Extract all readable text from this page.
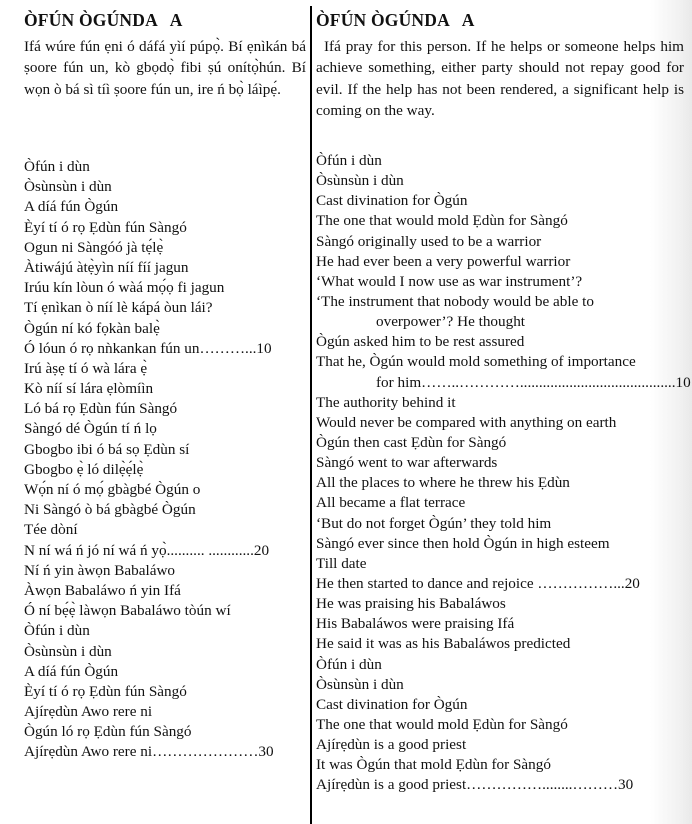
ÒFÚN ÒGÚNDA   A
Ifá wúre fún ẹni ó dáfá yìí púpọ̀. Bí ẹnìkán bá ṣoore fún un, kò gbọdọ̀ fibi ṣú onítọ̀hún. Bí wọn ò bá sì tíì ṣoore fún un, ire ń bọ̀ láìpẹ́.
Òfún i dùn
Òsùnsùn i dùn
A díá fún Ògún
Èyí tí ó rọ Ẹdùn fún Sàngó
Ogun ni Sàngóó jà tẹ́lẹ̀
Àtiwájú àtẹ̀yìn níí fíí jagun
Irúu kín lòun ó wàá mọ́ọ fi jagun
Tí ẹnìkan ò níí lè kápá òun lái?
Ògún ní kó fọkàn balẹ̀
Ó lóun ó rọ nǹkankan fún un………...10
Irú àṣẹ tí ó wà lára ẹ̀
Kò níí sí lára ẹlòmíìn
Ló bá rọ Ẹdùn fún Sàngó
Sàngó dé Ògún tí ń lọ
Gbogbo ibi ó bá sọ Ẹdùn sí
Gbogbo ẹ̀ ló dilẹ̀ẹ́lẹ̀
Wọ́n ní ó mọ́ gbàgbé Ògún o
Ni Sàngó ò bá gbàgbé Ògún
Tée dòní
N ní wá ń jó ní wá ń yọ̀.......... ............20
Ní ń yin àwọn Babaláwo
Àwọn Babaláwo ń yin Ifá
Ó ní bẹ́ẹ̀ làwọn Babaláwo tòún wí
Òfún i dùn
Òsùnsùn i dùn
A díá fún Ògún
Èyí tí ó rọ Ẹdùn fún Sàngó
Ajírẹdùn Awo rere ni
Ògún ló rọ Ẹdùn fún Sàngó
Ajírẹdùn Awo rere ni…………………30
ÒFÚN ÒGÚNDA   A
Ifá pray for this person. If he helps or someone helps him achieve something, either party should not repay good for evil. If the help has not been rendered, a significant help is coming on the way.
Òfún i dùn
Òsùnsùn i dùn
Cast divination for Ògún
The one that would mold Ẹdùn for Sàngó
Sàngó originally used to be a warrior
He had ever been a very powerful warrior
‘What would I now use as war instrument’?
‘The instrument that nobody would be able to
overpower’? He thought
Ògún asked him to be rest assured
That he, Ògún would mold something of importance
for him……..………….........................................10
The authority behind it
Would never be compared with anything on earth
Ògún then cast Ẹdùn for Sàngó
Sàngó went to war afterwards
All the places to where he threw his Ẹdùn
All became a flat terrace
‘But do not forget Ògún’ they told him
Sàngó ever since then hold Ògún in high esteem
Till date
He then started to dance and rejoice ……………...20
He was praising his Babaláwos
His Babaláwos were praising Ifá
He said it was as his Babaláwos predicted
Òfún i dùn
Òsùnsùn i dùn
Cast divination for Ògún
The one that would mold Ẹdùn for Sàngó
Ajírẹdùn is a good priest
It was Ògún that mold Ẹdùn for Sàngó
Ajírẹdùn is a good priest……………........………30
